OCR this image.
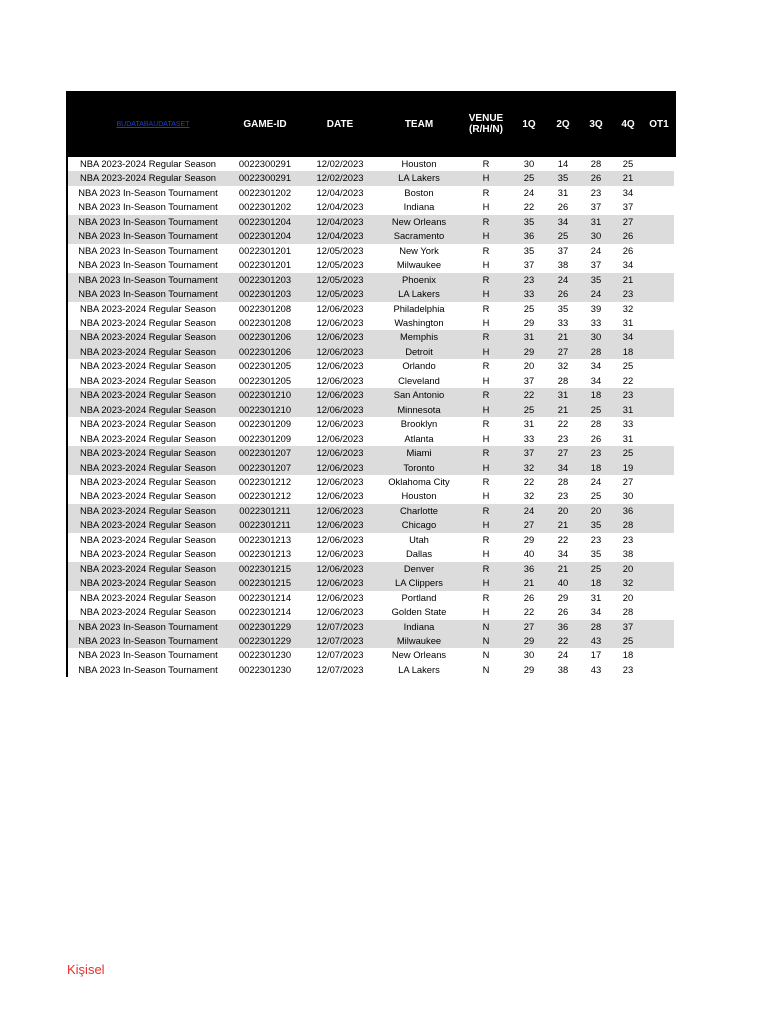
BUDATABAUDATASET	GAME-ID	DATE	TEAM	VENUE
(R/H/N)	1Q	2Q	3Q	4Q	OT1
NBA 2023-2024 Regular Season	0022300291	12/02/2023	Houston	R	30	14	28	25	
NBA 2023-2024 Regular Season	0022300291	12/02/2023	LA Lakers	H	25	35	26	21	
NBA 2023 In-Season Tournament	0022301202	12/04/2023	Boston	R	24	31	23	34	
NBA 2023 In-Season Tournament	0022301202	12/04/2023	Indiana	H	22	26	37	37	
NBA 2023 In-Season Tournament	0022301204	12/04/2023	New Orleans	R	35	34	31	27	
NBA 2023 In-Season Tournament	0022301204	12/04/2023	Sacramento	H	36	25	30	26	
NBA 2023 In-Season Tournament	0022301201	12/05/2023	New York	R	35	37	24	26	
NBA 2023 In-Season Tournament	0022301201	12/05/2023	Milwaukee	H	37	38	37	34	
NBA 2023 In-Season Tournament	0022301203	12/05/2023	Phoenix	R	23	24	35	21	
NBA 2023 In-Season Tournament	0022301203	12/05/2023	LA Lakers	H	33	26	24	23	
NBA 2023-2024 Regular Season	0022301208	12/06/2023	Philadelphia	R	25	35	39	32	
NBA 2023-2024 Regular Season	0022301208	12/06/2023	Washington	H	29	33	33	31	
NBA 2023-2024 Regular Season	0022301206	12/06/2023	Memphis	R	31	21	30	34	
NBA 2023-2024 Regular Season	0022301206	12/06/2023	Detroit	H	29	27	28	18	
NBA 2023-2024 Regular Season	0022301205	12/06/2023	Orlando	R	20	32	34	25	
NBA 2023-2024 Regular Season	0022301205	12/06/2023	Cleveland	H	37	28	34	22	
NBA 2023-2024 Regular Season	0022301210	12/06/2023	San Antonio	R	22	31	18	23	
NBA 2023-2024 Regular Season	0022301210	12/06/2023	Minnesota	H	25	21	25	31	
NBA 2023-2024 Regular Season	0022301209	12/06/2023	Brooklyn	R	31	22	28	33	
NBA 2023-2024 Regular Season	0022301209	12/06/2023	Atlanta	H	33	23	26	31	
NBA 2023-2024 Regular Season	0022301207	12/06/2023	Miami	R	37	27	23	25	
NBA 2023-2024 Regular Season	0022301207	12/06/2023	Toronto	H	32	34	18	19	
NBA 2023-2024 Regular Season	0022301212	12/06/2023	Oklahoma City	R	22	28	24	27	
NBA 2023-2024 Regular Season	0022301212	12/06/2023	Houston	H	32	23	25	30	
NBA 2023-2024 Regular Season	0022301211	12/06/2023	Charlotte	R	24	20	20	36	
NBA 2023-2024 Regular Season	0022301211	12/06/2023	Chicago	H	27	21	35	28	
NBA 2023-2024 Regular Season	0022301213	12/06/2023	Utah	R	29	22	23	23	
NBA 2023-2024 Regular Season	0022301213	12/06/2023	Dallas	H	40	34	35	38	
NBA 2023-2024 Regular Season	0022301215	12/06/2023	Denver	R	36	21	25	20	
NBA 2023-2024 Regular Season	0022301215	12/06/2023	LA Clippers	H	21	40	18	32	
NBA 2023-2024 Regular Season	0022301214	12/06/2023	Portland	R	26	29	31	20	
NBA 2023-2024 Regular Season	0022301214	12/06/2023	Golden State	H	22	26	34	28	
NBA 2023 In-Season Tournament	0022301229	12/07/2023	Indiana	N	27	36	28	37	
NBA 2023 In-Season Tournament	0022301229	12/07/2023	Milwaukee	N	29	22	43	25	
NBA 2023 In-Season Tournament	0022301230	12/07/2023	New Orleans	N	30	24	17	18	
NBA 2023 In-Season Tournament	0022301230	12/07/2023	LA Lakers	N	29	38	43	23	
Kişisel
